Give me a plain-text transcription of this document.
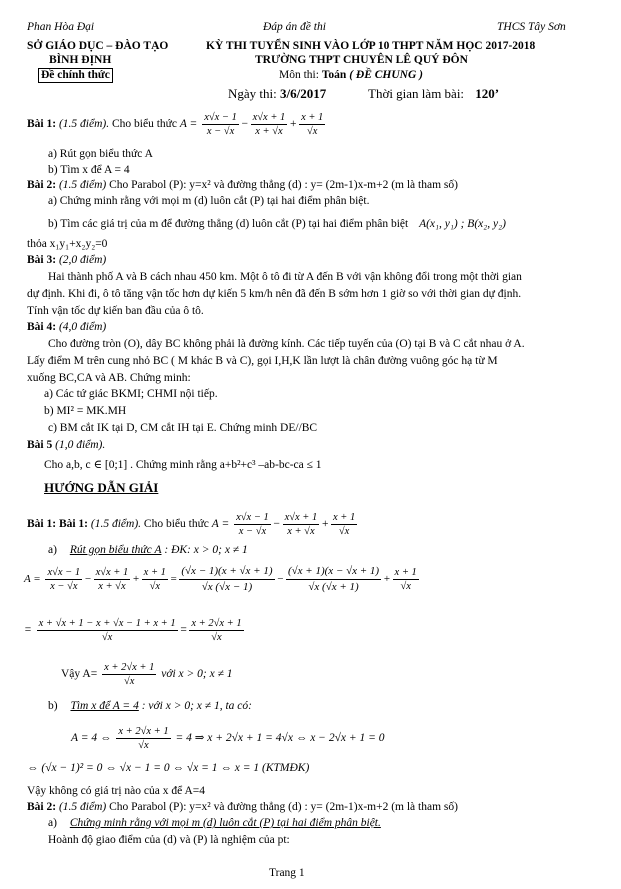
Phan Hòa Đại	Đáp án đề thi	THCS Tây Sơn
SỞ GIÁO DỤC – ĐÀO TẠO	KỲ THI TUYỂN SINH VÀO LỚP 10 THPT NĂM HỌC 2017-2018
BÌNH ĐỊNH	TRƯỜNG THPT CHUYÊN LÊ QUÝ ĐÔN
Đề chính thức	Môn thi: Toán ( ĐỀ CHUNG )
Ngày thi: 3/6/2017	Thời gian làm bài: 120’
Bài 1: (1.5 điểm). Cho biểu thức $A = \frac{x√x - 1}{x - √x} - \frac{x√x + 1}{x + √x} + \frac{x + 1}{√x}$
a) Rút gọn biểu thức A
b) Tìm x để A = 4
Bài 2: (1.5 điểm) Cho Parabol (P): y=x² và đường thẳng (d) : y= (2m-1)x-m+2 (m là tham số)
a) Chứng minh rằng với mọi m (d) luôn cắt (P) tại hai điểm phân biệt.
b) Tìm các giá trị của m để đường thẳng (d) luôn cắt (P) tại hai điểm phân biệt A(x₁, y₁) ; B(x₂, y₂)
thỏa x₁y₁+x₂y₂=0
Bài 3: (2,0 điểm)
Hai thành phố A và B cách nhau 450 km. Một ô tô đi từ A đến B với vận không đổi trong một thời gian
dự định. Khi đi, ô tô tăng vận tốc hơn dự kiến 5 km/h nên đã đến B sớm hơn 1 giờ so với thời gian dự định.
Tính vận tốc dự kiến ban đầu của ô tô.
Bài 4: (4,0 điểm)
Cho đường tròn (O), dây BC không phải là đường kính. Các tiếp tuyến của (O) tại B và C cắt nhau ở A.
Lấy điểm M trên cung nhỏ BC ( M khác B và C), gọi I,H,K lần lượt là chân đường vuông góc hạ từ M
xuống BC,CA và AB. Chứng minh:
a) Các tứ giác BKMI; CHMI nội tiếp.
b) MI² = MK.MH
c) BM cắt IK tại D, CM cắt IH tại E. Chứng minh DE//BC
Bài 5 (1,0 điểm).
Cho a,b, c ∈ [0;1] . Chứng minh rằng a+b²+c³ –ab-bc-ca ≤ 1
HƯỚNG DẪN GIẢI
Bài 1: Bài 1: (1.5 điểm). Cho biểu thức $A = \frac{x√x - 1}{x - √x} - \frac{x√x + 1}{x + √x} + \frac{x + 1}{√x}$
a) Rút gọn biểu thức A : ĐK: x > 0; x ≠ 1
$A = \frac{x√x - 1}{x - √x} - \frac{x√x + 1}{x + √x} + \frac{x + 1}{√x} = \frac{(√x - 1)(x + √x + 1)}{√x (√x - 1)} - \frac{(√x + 1)(x - √x + 1)}{√x (√x + 1)} + \frac{x + 1}{√x}$
= $\frac{x + √x + 1 - x + √x - 1 + x + 1}{√x} = \frac{x + 2√x + 1}{√x}$
Vậy $A= \frac{x + 2√x + 1}{√x}$ với x > 0; x ≠ 1
b) Tìm x để A = 4 : với x > 0; x ≠ 1, ta có:
A = 4 ⇔ $\frac{x + 2√x + 1}{√x} = 4$ ⇒ x + 2√x + 1 = 4√x ⇔ x − 2√x + 1 = 0
⇔ (√x − 1)² = 0 ⇔ √x − 1 = 0 ⇔ √x = 1 ⇔ x = 1 (KTMĐK)
Vậy không có giá trị nào của x để A=4
Bài 2: (1.5 điểm) Cho Parabol (P): y=x² và đường thẳng (d) : y= (2m-1)x-m+2 (m là tham số)
a) Chứng minh rằng với mọi m (d) luôn cắt (P) tại hai điểm phân biệt.
Hoành độ giao điểm của (d) và (P) là nghiệm của pt:
Trang 1
